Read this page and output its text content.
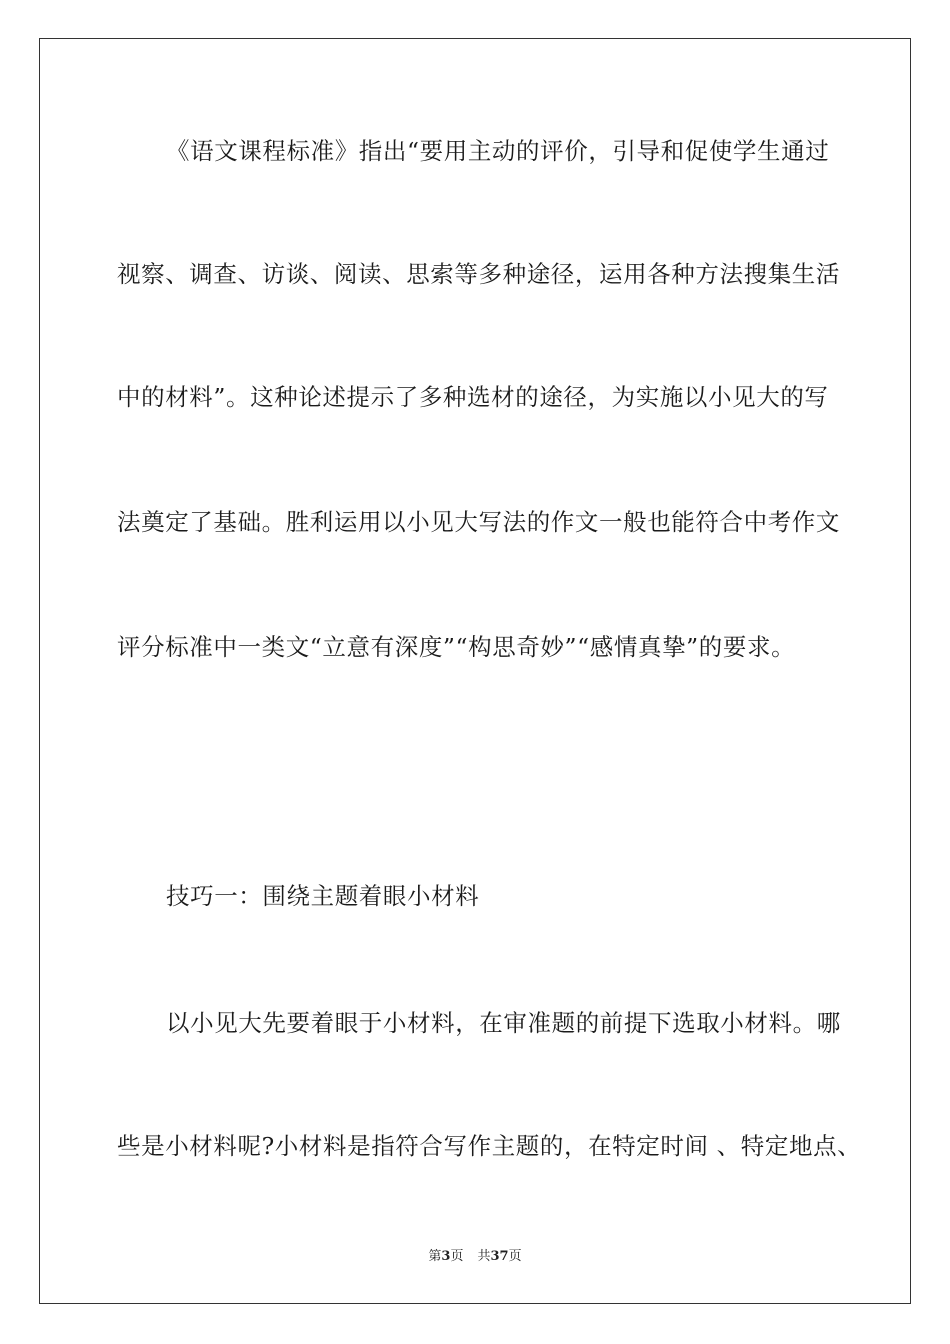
《语文课程标准》指出“要用主动的评价，引导和促使学生通过
视察、调查、访谈、阅读、思索等多种途径，运用各种方法搜集生活
中的材料”。这种论述提示了多种选材的途径，为实施以小见大的写
法奠定了基础。胜利运用以小见大写法的作文一般也能符合中考作文
评分标准中一类文“立意有深度”“构思奇妙”“感情真挚”的要求。
技巧一：围绕主题着眼小材料
以小见大先要着眼于小材料，在审准题的前提下选取小材料。哪
些是小材料呢?小材料是指符合写作主题的，在特定时间 、特定地点、
第3页 共37页
